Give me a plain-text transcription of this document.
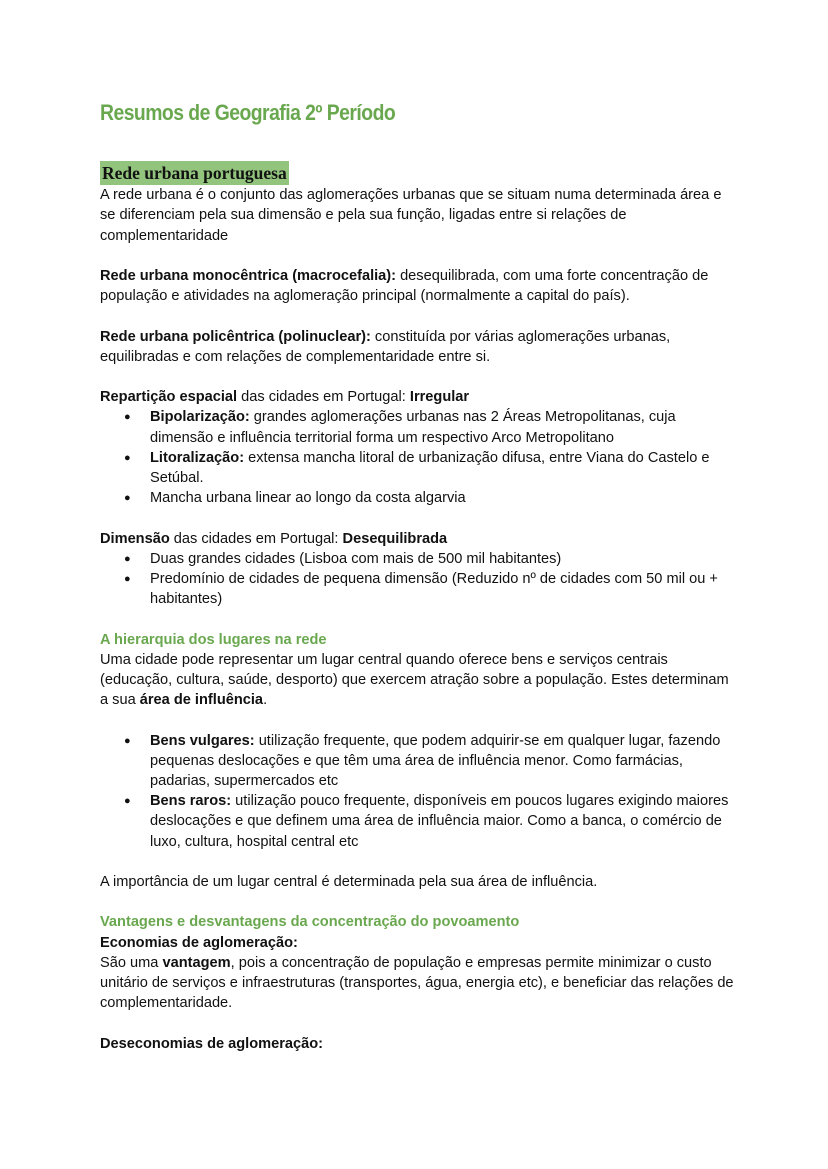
Resumos de Geografia 2º Período
Rede urbana portuguesa

A rede urbana é o conjunto das aglomerações urbanas que se situam numa determinada área e se diferenciam pela sua dimensão e pela sua função, ligadas entre si relações de complementaridade

Rede urbana monocêntrica (macrocefalia): desequilibrada, com uma forte concentração de população e atividades na aglomeração principal (normalmente a capital do país).

Rede urbana policêntrica (polinuclear): constituída por várias aglomerações urbanas, equilibradas e com relações de complementaridade entre si.

Repartição espacial das cidades em Portugal: Irregular

● Bipolarização: grandes aglomerações urbanas nas 2 Áreas Metropolitanas, cuja dimensão e influência territorial forma um respectivo Arco Metropolitano
● Litoralização: extensa mancha litoral de urbanização difusa, entre Viana do Castelo e Setúbal.
● Mancha urbana linear ao longo da costa algarvia

Dimensão das cidades em Portugal: Desequilibrada

● Duas grandes cidades (Lisboa com mais de 500 mil habitantes)
● Predomínio de cidades de pequena dimensão (Reduzido nº de cidades com 50 mil ou + habitantes)

A hierarquia dos lugares na rede

Uma cidade pode representar um lugar central quando oferece bens e serviços centrais (educação, cultura, saúde, desporto) que exercem atração sobre a população. Estes determinam a sua área de influência.

● Bens vulgares: utilização frequente, que podem adquirir-se em qualquer lugar, fazendo pequenas deslocações e que têm uma área de influência menor. Como farmácias, padarias, supermercados etc
● Bens raros: utilização pouco frequente, disponíveis em poucos lugares exigindo maiores deslocações e que definem uma área de influência maior. Como a banca, o comércio de luxo, cultura, hospital central etc

A importância de um lugar central é determinada pela sua área de influência.

Vantagens e desvantagens da concentração do povoamento

Economias de aglomeração:

São uma vantagem, pois a concentração de população e empresas permite minimizar o custo unitário de serviços e infraestruturas (transportes, água, energia etc), e beneficiar das relações de complementaridade.

Deseconomias de aglomeração:
